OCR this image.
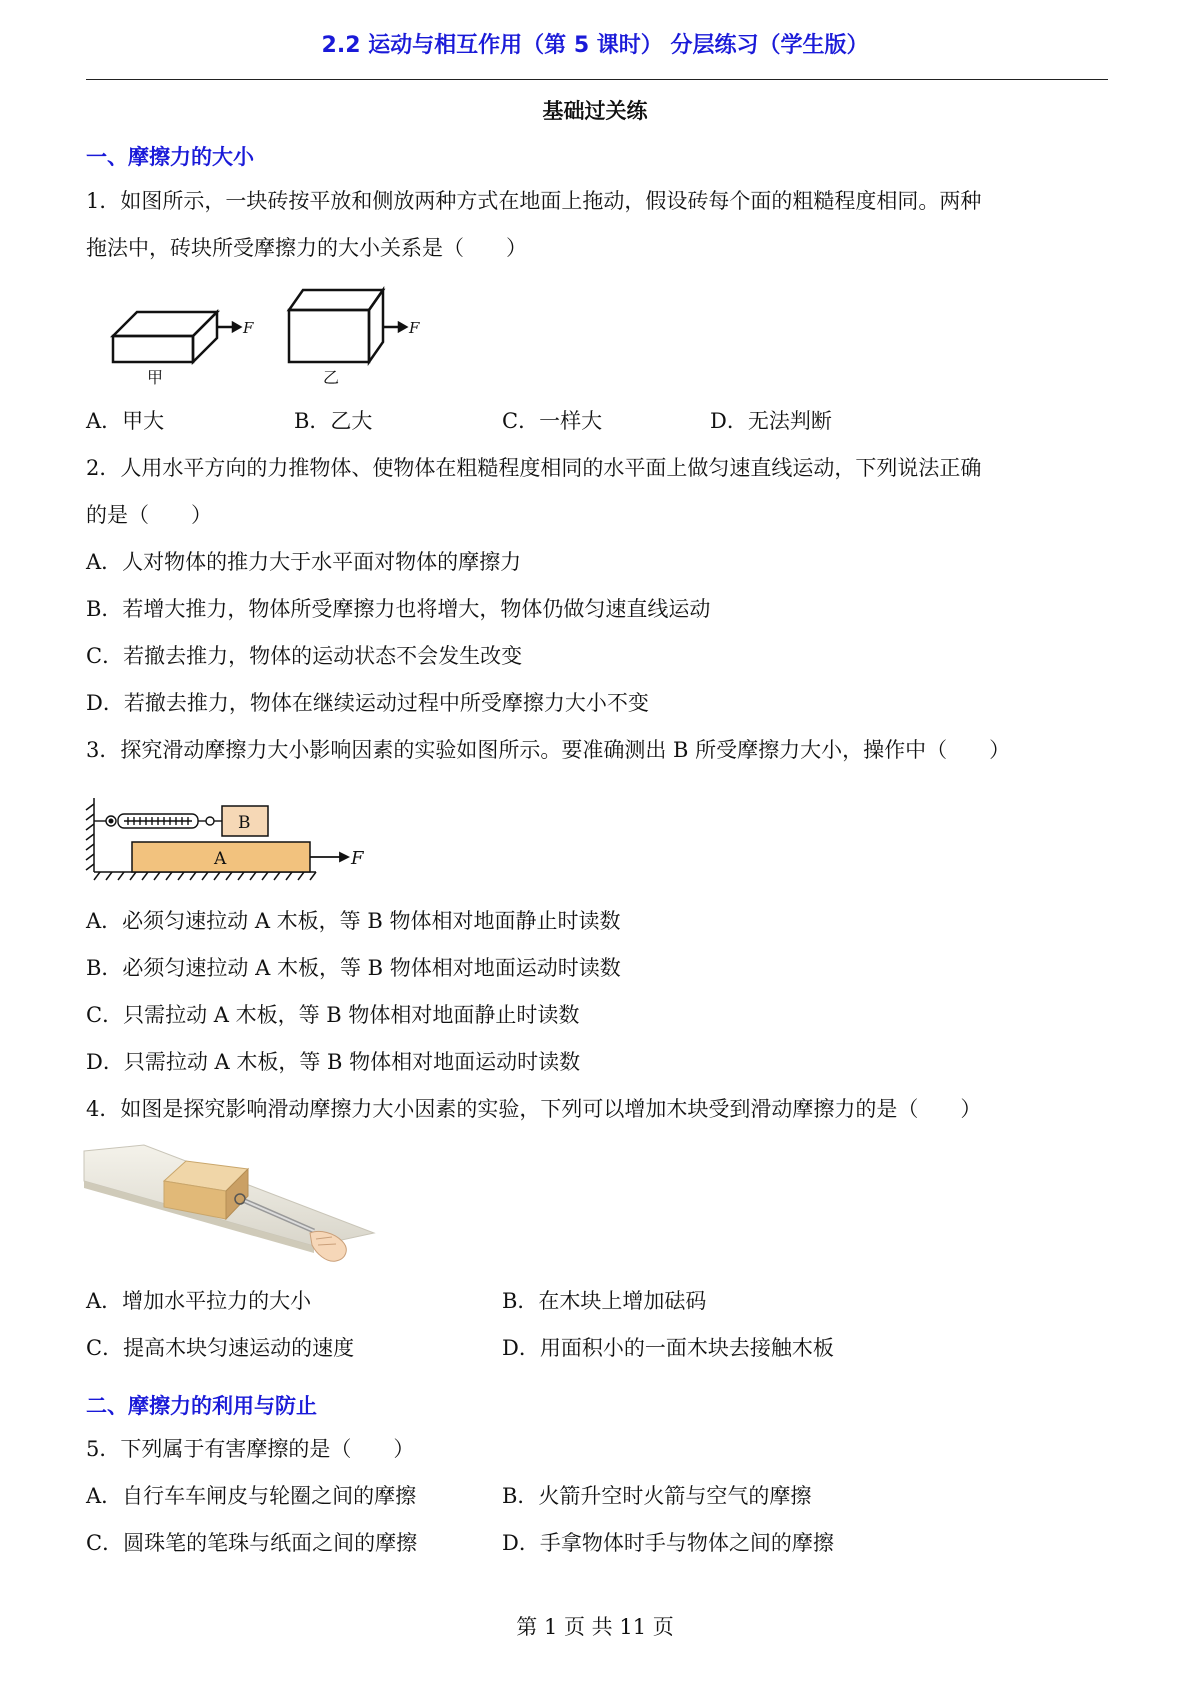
2.2 运动与相互作用（第 5 课时） 分层练习（学生版）
基础过关练
一、摩擦力的大小
1．如图所示，一块砖按平放和侧放两种方式在地面上拖动，假设砖每个面的粗糙程度相同。两种
拖法中，砖块所受摩擦力的大小关系是（　　）
F
甲
F
乙
A．甲大	B．乙大	C．一样大	D．无法判断
2．人用水平方向的力推物体、使物体在粗糙程度相同的水平面上做匀速直线运动，下列说法正确
的是（　　）
A．人对物体的推力大于水平面对物体的摩擦力
B．若增大推力，物体所受摩擦力也将增大，物体仍做匀速直线运动
C．若撤去推力，物体的运动状态不会发生改变
D．若撤去推力，物体在继续运动过程中所受摩擦力大小不变
3．探究滑动摩擦力大小影响因素的实验如图所示。要准确测出 B 所受摩擦力大小，操作中（　　）
A
B
F
A．必须匀速拉动 A 木板，等 B 物体相对地面静止时读数
B．必须匀速拉动 A 木板，等 B 物体相对地面运动时读数
C．只需拉动 A 木板，等 B 物体相对地面静止时读数
D．只需拉动 A 木板，等 B 物体相对地面运动时读数
4．如图是探究影响滑动摩擦力大小因素的实验，下列可以增加木块受到滑动摩擦力的是（　　）
A．增加水平拉力的大小	B．在木块上增加砝码
C．提高木块匀速运动的速度	D．用面积小的一面木块去接触木板
二、摩擦力的利用与防止
5．下列属于有害摩擦的是（　　）
A．自行车车闸皮与轮圈之间的摩擦	B．火箭升空时火箭与空气的摩擦
C．圆珠笔的笔珠与纸面之间的摩擦	D．手拿物体时手与物体之间的摩擦
第 1 页 共 11 页
